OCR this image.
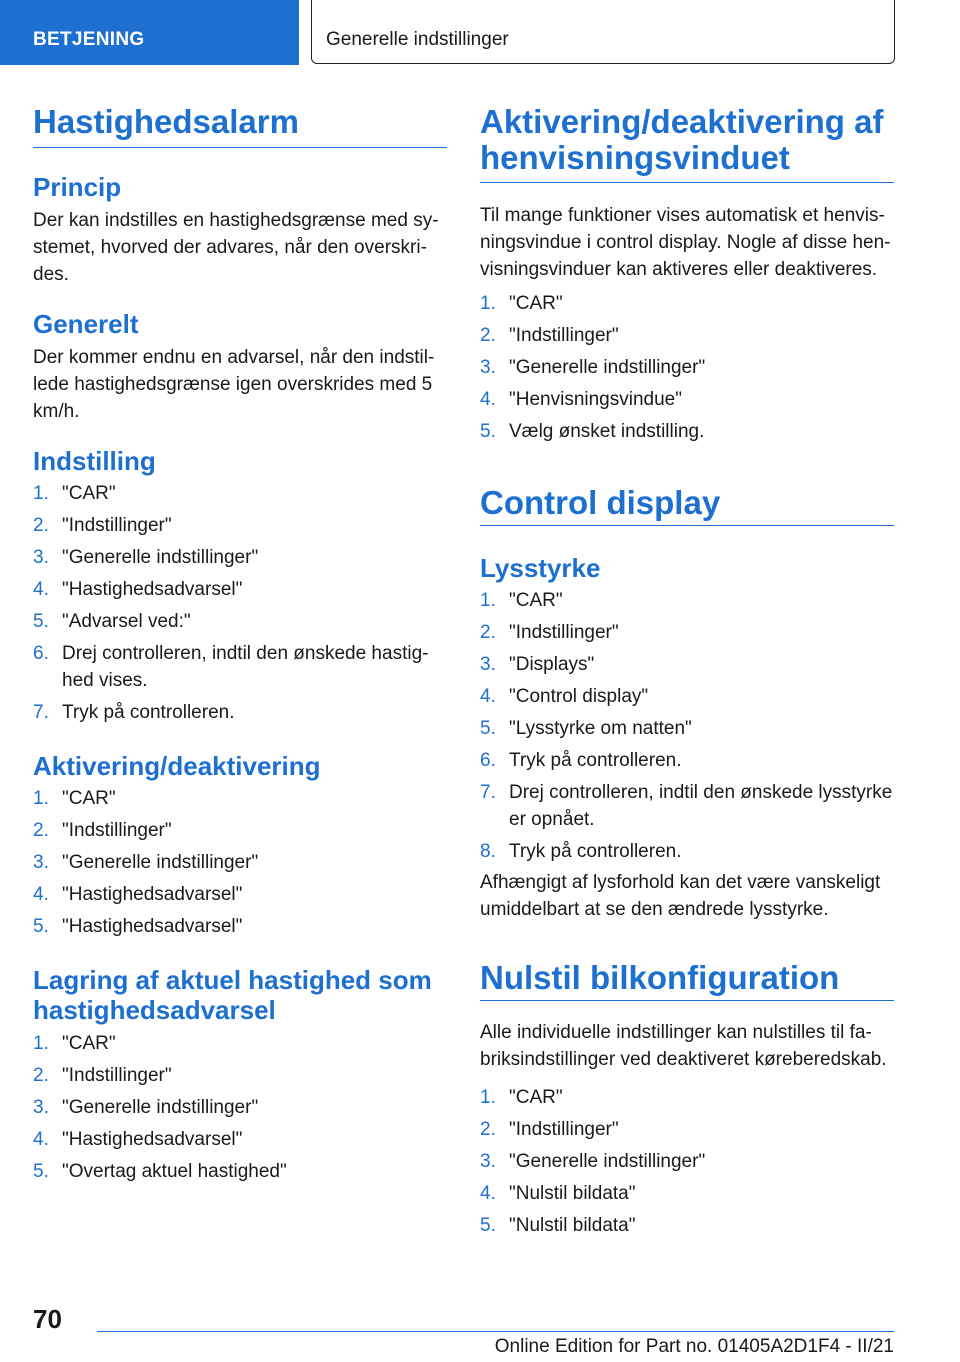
BETJENING	Generelle indstillinger
Hastighedsalarm
Princip

Der kan indstilles en hastighedsgrænse med systemet, hvorved der advares, når den overskrides.

Generelt

Der kommer endnu en advarsel, når den indstillede hastighedsgrænse igen overskrides med 5 km/h.

Indstilling
1. "CAR"
2. "Indstillinger"
3. "Generelle indstillinger"
4. "Hastighedsadvarsel"
5. "Advarsel ved:"
6. Drej controlleren, indtil den ønskede hastighed vises.
7. Tryk på controlleren.
Aktivering/deaktivering
1. "CAR"
2. "Indstillinger"
3. "Generelle indstillinger"
4. "Hastighedsadvarsel"
5. "Hastighedsadvarsel"
Lagring af aktuel hastighed som hastighedsadvarsel
1. "CAR"
2. "Indstillinger"
3. "Generelle indstillinger"
4. "Hastighedsadvarsel"
5. "Overtag aktuel hastighed"
Aktivering/deaktivering af henvisningsvinduet

Til mange funktioner vises automatisk et henvisningsvindue i control display. Nogle af disse henvisningsvinduer kan aktiveres eller deaktiveres.

1. "CAR"
2. "Indstillinger"
3. "Generelle indstillinger"
4. "Henvisningsvindue"
5. Vælg ønsket indstilling.
Control display
Lysstyrke
1. "CAR"
2. "Indstillinger"
3. "Displays"
4. "Control display"
5. "Lysstyrke om natten"
6. Tryk på controlleren.
7. Drej controlleren, indtil den ønskede lysstyrke er opnået.
8. Tryk på controlleren.

Afhængigt af lysforhold kan det være vanskeligt umiddelbart at se den ændrede lysstyrke.

Nulstil bilkonfiguration

Alle individuelle indstillinger kan nulstilles til fabriksindstillinger ved deaktiveret køreberedskab.

1. "CAR"
2. "Indstillinger"
3. "Generelle indstillinger"
4. "Nulstil bildata"
5. "Nulstil bildata"
70
Online Edition for Part no. 01405A2D1F4 - II/21
